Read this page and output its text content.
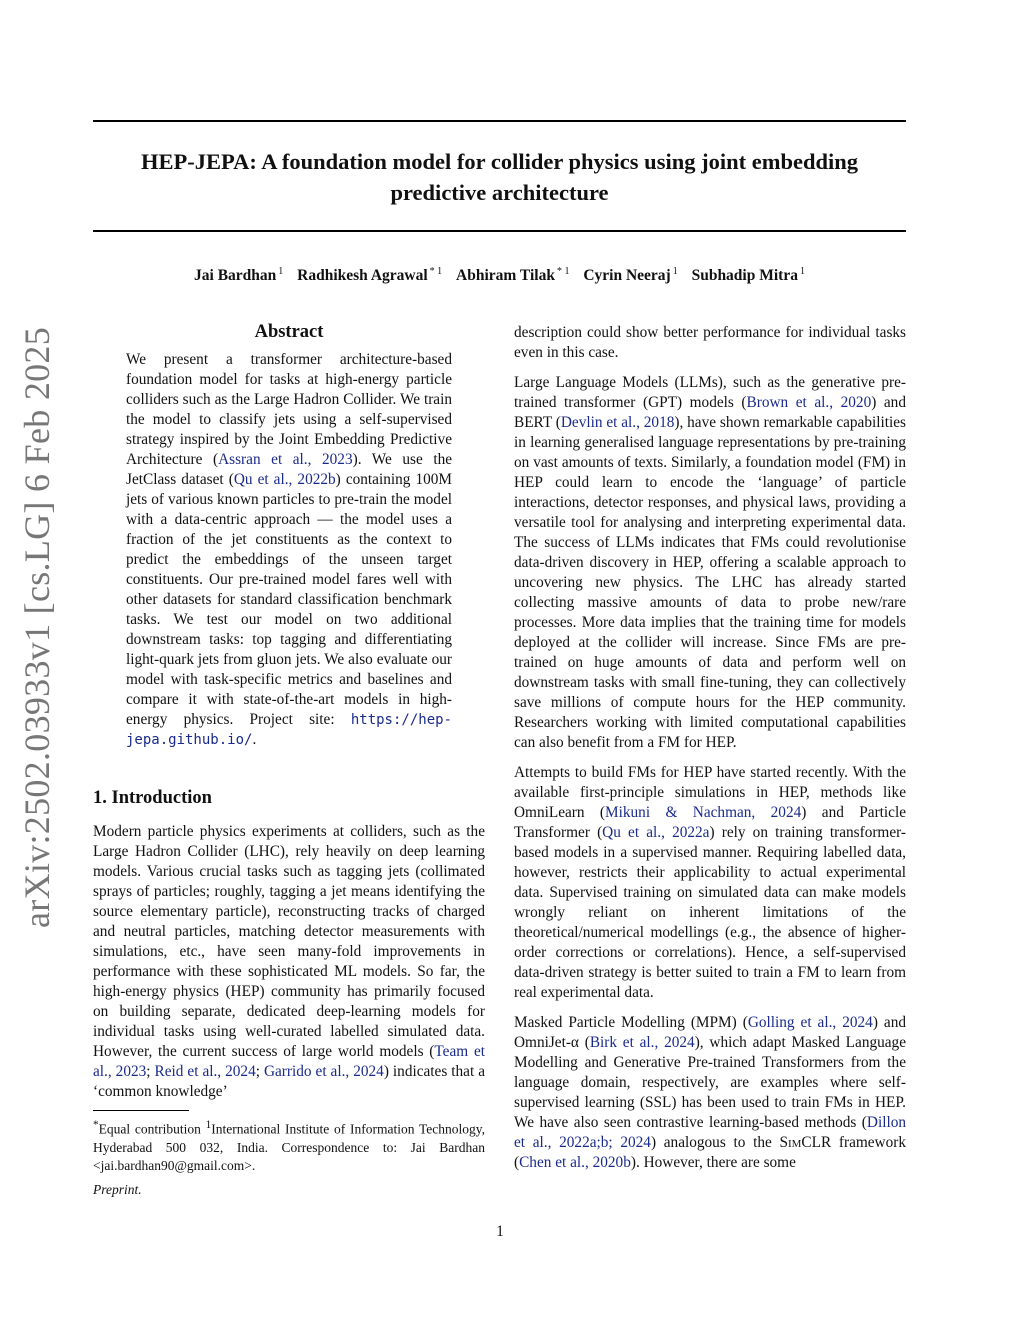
arXiv:2502.03933v1 [cs.LG] 6 Feb 2025
HEP-JEPA: A foundation model for collider physics using joint embedding predictive architecture
Jai Bardhan $^1$ Radhikesh Agrawal $^{* 1}$ Abhiram Tilak $^{* 1}$ Cyrin Neeraj $^1$ Subhadip Mitra $^1$
Abstract
We present a transformer architecture-based foundation model for tasks at high-energy particle colliders such as the Large Hadron Collider. We train the model to classify jets using a self-supervised strategy inspired by the Joint Embedding Predictive Architecture (Assran et al., 2023). We use the JetClass dataset (Qu et al., 2022b) containing 100M jets of various known particles to pre-train the model with a data-centric approach — the model uses a fraction of the jet constituents as the context to predict the embeddings of the unseen target constituents. Our pre-trained model fares well with other datasets for standard classification benchmark tasks. We test our model on two additional downstream tasks: top tagging and differentiating light-quark jets from gluon jets. We also evaluate our model with task-specific metrics and baselines and compare it with state-of-the-art models in high-energy physics. Project site: https://hep-jepa.github.io/.
1. Introduction
Modern particle physics experiments at colliders, such as the Large Hadron Collider (LHC), rely heavily on deep learning models. Various crucial tasks such as tagging jets (collimated sprays of particles; roughly, tagging a jet means identifying the source elementary particle), reconstructing tracks of charged and neutral particles, matching detector measurements with simulations, etc., have seen many-fold improvements in performance with these sophisticated ML models. So far, the high-energy physics (HEP) community has primarily focused on building separate, dedicated deep-learning models for individual tasks using well-curated labelled simulated data. However, the current success of large world models (Team et al., 2023; Reid et al., 2024; Garrido et al., 2024) indicates that a ‘common knowledge’
*Equal contribution $^1$International Institute of Information Technology, Hyderabad 500 032, India. Correspondence to: Jai Bardhan <jai.bardhan90@gmail.com>.
Preprint.

description could show better performance for individual tasks even in this case.

Large Language Models (LLMs), such as the generative pre-trained transformer (GPT) models (Brown et al., 2020) and BERT (Devlin et al., 2018), have shown remarkable capabilities in learning generalised language representations by pre-training on vast amounts of texts. Similarly, a foundation model (FM) in HEP could learn to encode the ‘language’ of particle interactions, detector responses, and physical laws, providing a versatile tool for analysing and interpreting experimental data. The success of LLMs indicates that FMs could revolutionise data-driven discovery in HEP, offering a scalable approach to uncovering new physics. The LHC has already started collecting massive amounts of data to probe new/rare processes. More data implies that the training time for models deployed at the collider will increase. Since FMs are pre-trained on huge amounts of data and perform well on downstream tasks with small fine-tuning, they can collectively save millions of compute hours for the HEP community. Researchers working with limited computational capabilities can also benefit from a FM for HEP.

Attempts to build FMs for HEP have started recently. With the available first-principle simulations in HEP, methods like OmniLearn (Mikuni & Nachman, 2024) and Particle Transformer (Qu et al., 2022a) rely on training transformer-based models in a supervised manner. Requiring labelled data, however, restricts their applicability to actual experimental data. Supervised training on simulated data can make models wrongly reliant on inherent limitations of the theoretical/numerical modellings (e.g., the absence of higher-order corrections or correlations). Hence, a self-supervised data-driven strategy is better suited to train a FM to learn from real experimental data.

Masked Particle Modelling (MPM) (Golling et al., 2024) and OmniJet-α (Birk et al., 2024), which adapt Masked Language Modelling and Generative Pre-trained Transformers from the language domain, respectively, are examples where self-supervised learning (SSL) has been used to train FMs in HEP. We have also seen contrastive learning-based methods (Dillon et al., 2022a;b; 2024) analogous to the SimCLR framework (Chen et al., 2020b). However, there are some

1
